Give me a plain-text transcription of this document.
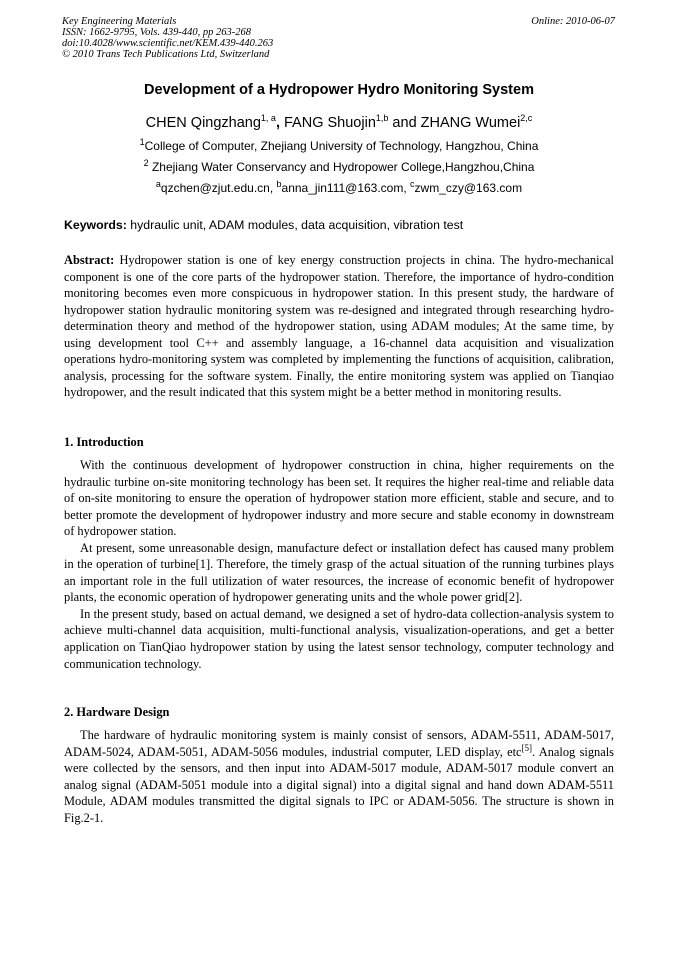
Key Engineering Materials
ISSN: 1662-9795, Vols. 439-440, pp 263-268
doi:10.4028/www.scientific.net/KEM.439-440.263
© 2010 Trans Tech Publications Ltd, Switzerland
Online: 2010-06-07
Development of a Hydropower Hydro Monitoring System
CHEN Qingzhang$^{1, a}$, FANG Shuojin$^{1,b}$ and ZHANG Wumei$^{2,c}$
$^1$College of Computer, Zhejiang University of Technology, Hangzhou, China
$^2$ Zhejiang Water Conservancy and Hydropower College,Hangzhou,China
$^a$qzchen@zjut.edu.cn, $^b$anna_jin111@163.com, $^c$zwm_czy@163.com
Keywords: hydraulic unit, ADAM modules, data acquisition, vibration test
Abstract: Hydropower station is one of key energy construction projects in china. The hydro-mechanical component is one of the core parts of the hydropower station. Therefore, the importance of hydro-condition monitoring becomes even more conspicuous in hydropower station. In this present study, the hardware of hydropower station hydraulic monitoring system was re-designed and integrated through researching hydro-determination theory and method of the hydropower station, using ADAM modules; At the same time, by using development tool C++ and assembly language, a 16-channel data acquisition and visualization operations hydro-monitoring system was completed by implementing the functions of acquisition, calibration, analysis, processing for the software system. Finally, the entire monitoring system was applied on Tianqiao hydropower, and the result indicated that this system might be a better method in monitoring results.
1. Introduction

With the continuous development of hydropower construction in china, higher requirements on the hydraulic turbine on-site monitoring technology has been set. It requires the higher real-time and reliable data of on-site monitoring to ensure the operation of hydropower station more efficient, stable and secure, and to better promote the development of hydropower industry and more secure and stable economy in downstream of hydropower station.

At present, some unreasonable design, manufacture defect or installation defect has caused many problem in the operation of turbine[1]. Therefore, the timely grasp of the actual situation of the running turbines plays an important role in the full utilization of water resources, the increase of economic benefit of hydropower plants, the economic operation of hydropower generating units and the whole power grid[2].

In the present study, based on actual demand, we designed a set of hydro-data collection-analysis system to achieve multi-channel data acquisition, multi-functional analysis, visualization-operations, and get a better application on TianQiao hydropower station by using the latest sensor technology, computer technology and communication technology.

2. Hardware Design

The hardware of hydraulic monitoring system is mainly consist of sensors, ADAM-5511, ADAM-5017, ADAM-5024, ADAM-5051, ADAM-5056 modules, industrial computer, LED display, etc[5]. Analog signals were collected by the sensors, and then input into ADAM-5017 module, ADAM-5017 module convert an analog signal (ADAM-5051 module into a digital signal) into a digital signal and hand down ADAM-5511 Module, ADAM modules transmitted the digital signals to IPC or ADAM-5056. The structure is shown in Fig.2-1.
